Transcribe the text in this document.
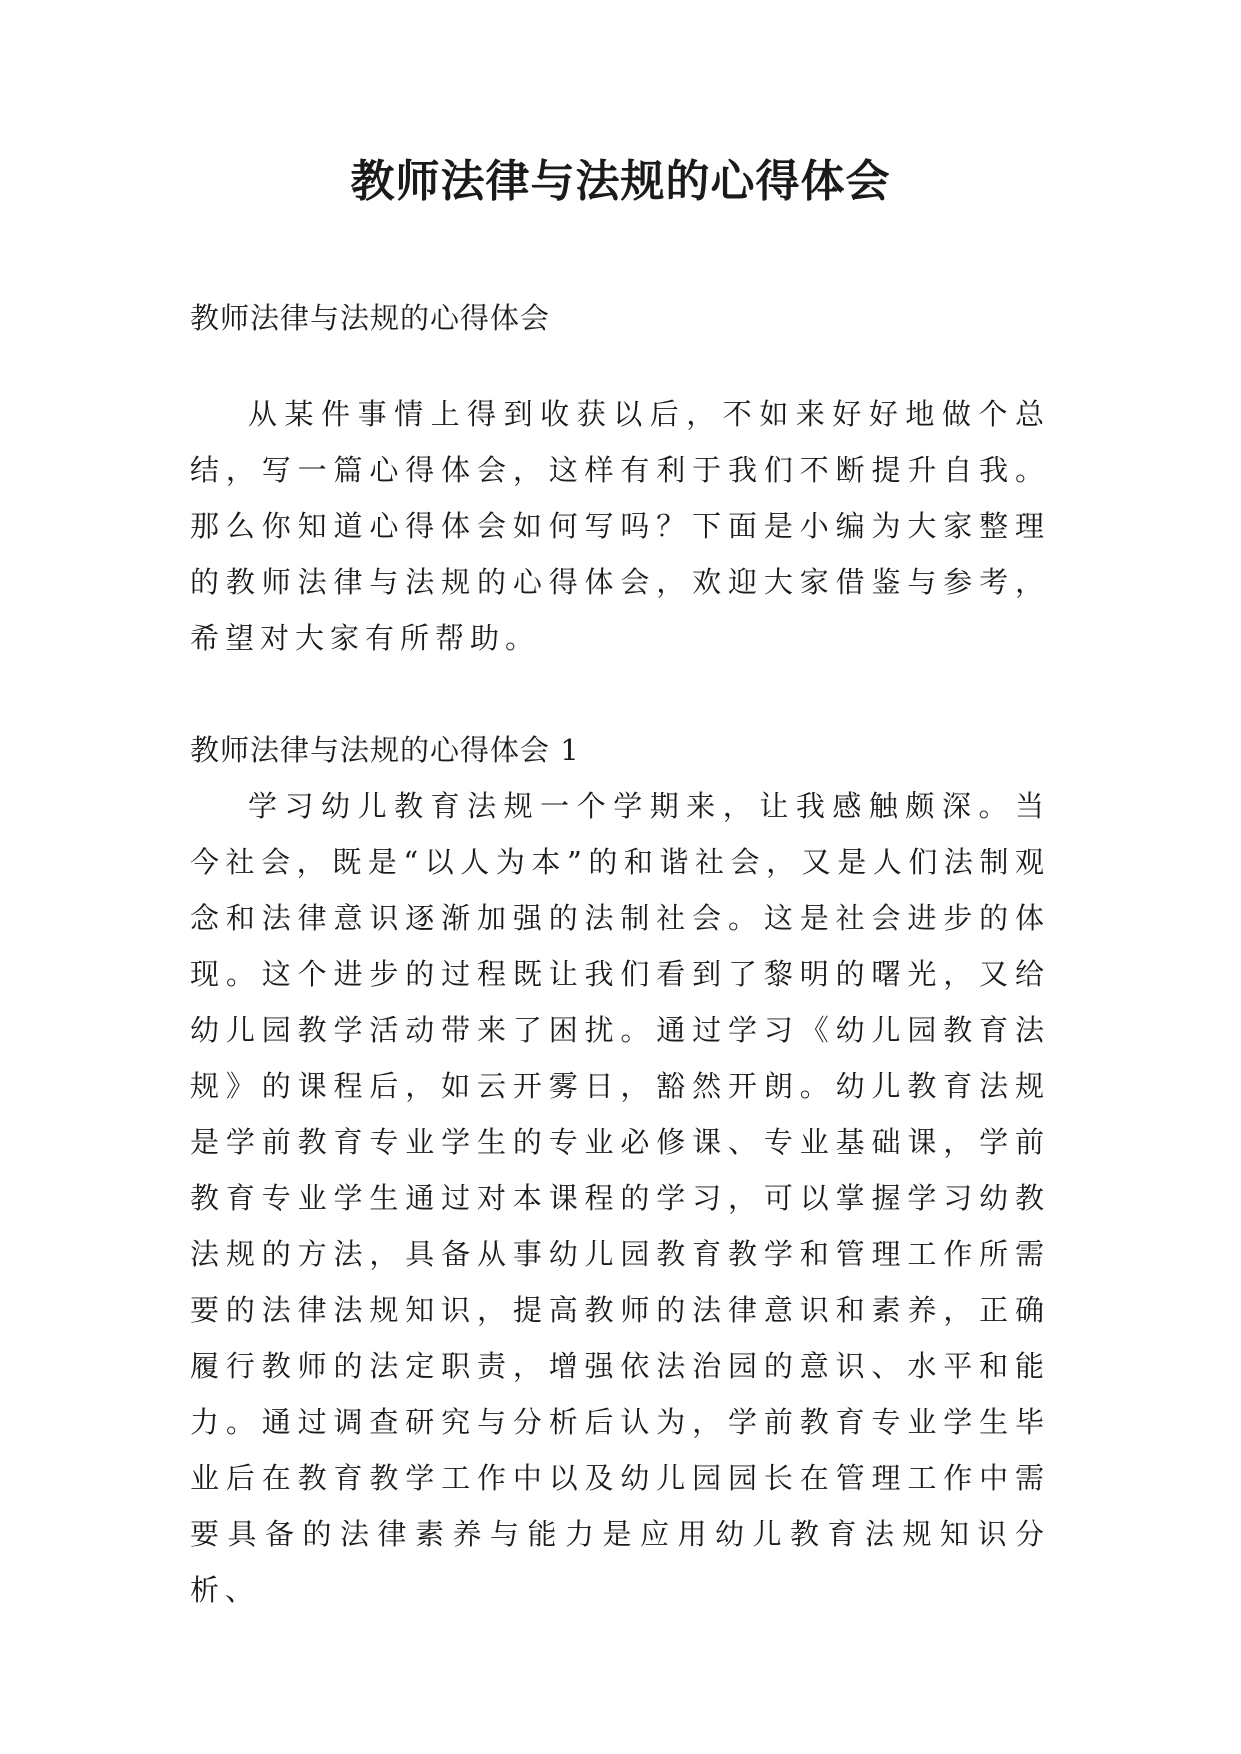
教师法律与法规的心得体会

教师法律与法规的心得体会

从某件事情上得到收获以后，不如来好好地做个总结，写一篇心得体会，这样有利于我们不断提升自我。那么你知道心得体会如何写吗？下面是小编为大家整理的教师法律与法规的心得体会，欢迎大家借鉴与参考，希望对大家有所帮助。

教师法律与法规的心得体会 1

学习幼儿教育法规一个学期来，让我感触颇深。当今社会，既是“以人为本”的和谐社会，又是人们法制观念和法律意识逐渐加强的法制社会。这是社会进步的体现。这个进步的过程既让我们看到了黎明的曙光，又给幼儿园教学活动带来了困扰。通过学习《幼儿园教育法规》的课程后，如云开雾日，豁然开朗。幼儿教育法规是学前教育专业学生的专业必修课、专业基础课，学前教育专业学生通过对本课程的学习，可以掌握学习幼教法规的方法，具备从事幼儿园教育教学和管理工作所需要的法律法规知识，提高教师的法律意识和素养，正确履行教师的法定职责，增强依法治园的意识、水平和能力。通过调查研究与分析后认为，学前教育专业学生毕业后在教育教学工作中以及幼儿园园长在管理工作中需要具备的法律素养与能力是应用幼儿教育法规知识分析、
